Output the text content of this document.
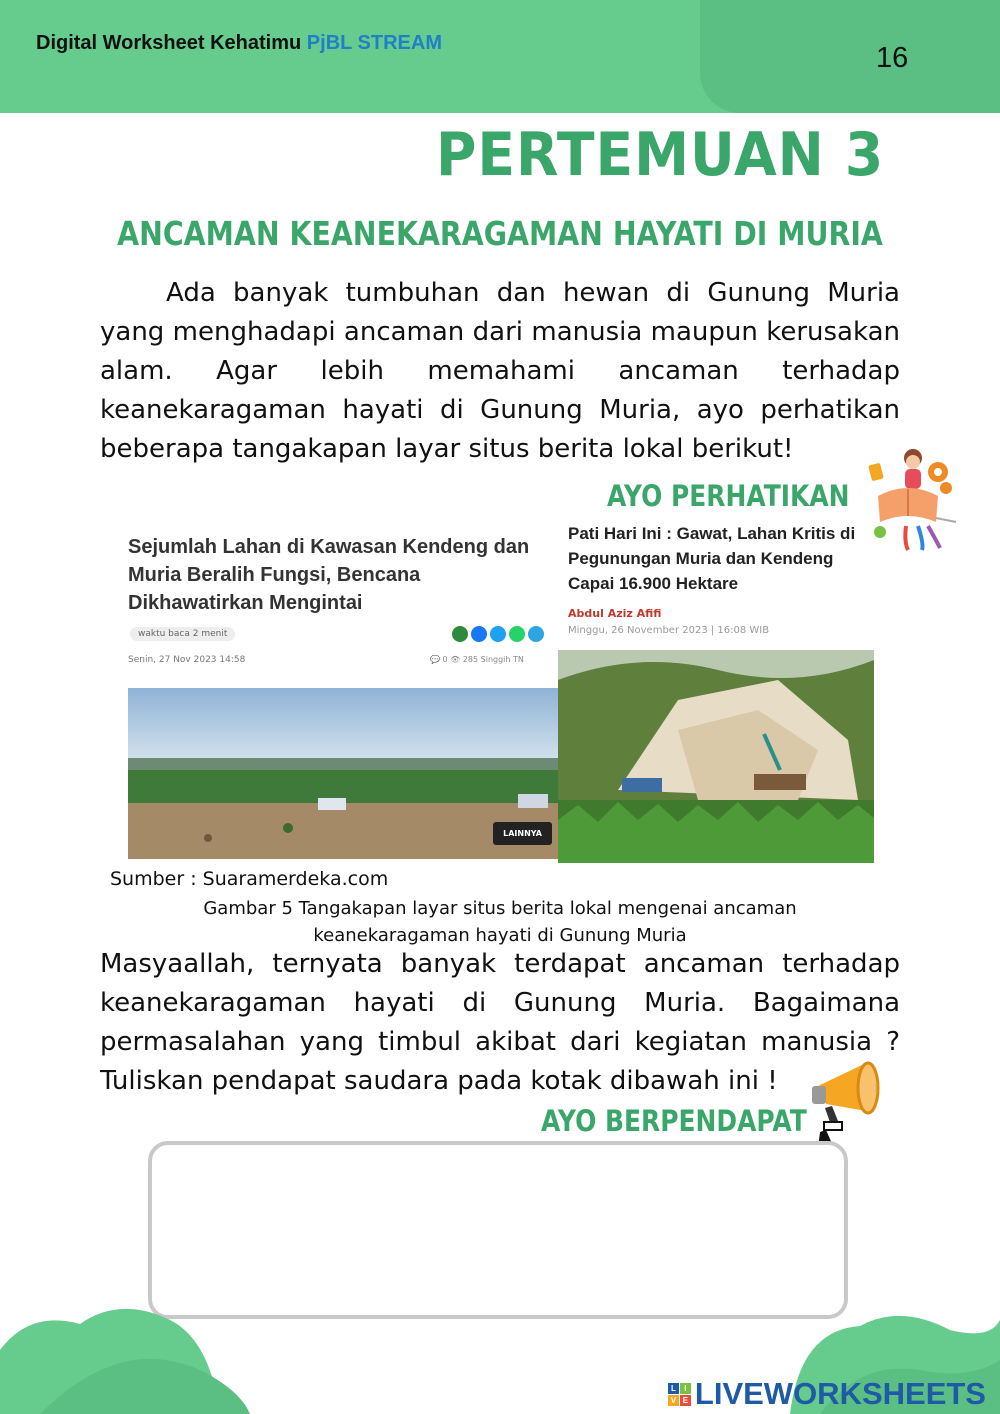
Digital Worksheet Kehatimu PjBL STREAM	16
PERTEMUAN 3
ANCAMAN KEANEKARAGAMAN HAYATI DI MURIA
Ada banyak tumbuhan dan hewan di Gunung Muria yang menghadapi ancaman dari manusia maupun kerusakan alam. Agar lebih memahami ancaman terhadap keanekaragaman hayati di Gunung Muria, ayo perhatikan beberapa tangakapan layar situs berita lokal berikut!
AYO PERHATIKAN
Sejumlah Lahan di Kawasan Kendeng dan Muria Beralih Fungsi, Bencana Dikhawatirkan Mengintai
waktu baca 2 menit
Senin, 27 Nov 2023 14:58	💬 0 👁 285 Singgih TN
LAINNYA
Pati Hari Ini : Gawat, Lahan Kritis di Pegunungan Muria dan Kendeng Capai 16.900 Hektare
Abdul Aziz Afifi
Minggu, 26 November 2023 | 16:08 WIB
Sumber : Suaramerdeka.com
Gambar 5 Tangakapan layar situs berita lokal mengenai ancaman keanekaragaman hayati di Gunung Muria
Masyaallah, ternyata banyak terdapat ancaman terhadap keanekaragaman hayati di Gunung Muria. Bagaimana permasalahan yang timbul akibat dari kegiatan manusia ? Tuliskan pendapat saudara pada kotak dibawah ini !
AYO BERPENDAPAT
L	I
V E LIVEWORKSHEETS
